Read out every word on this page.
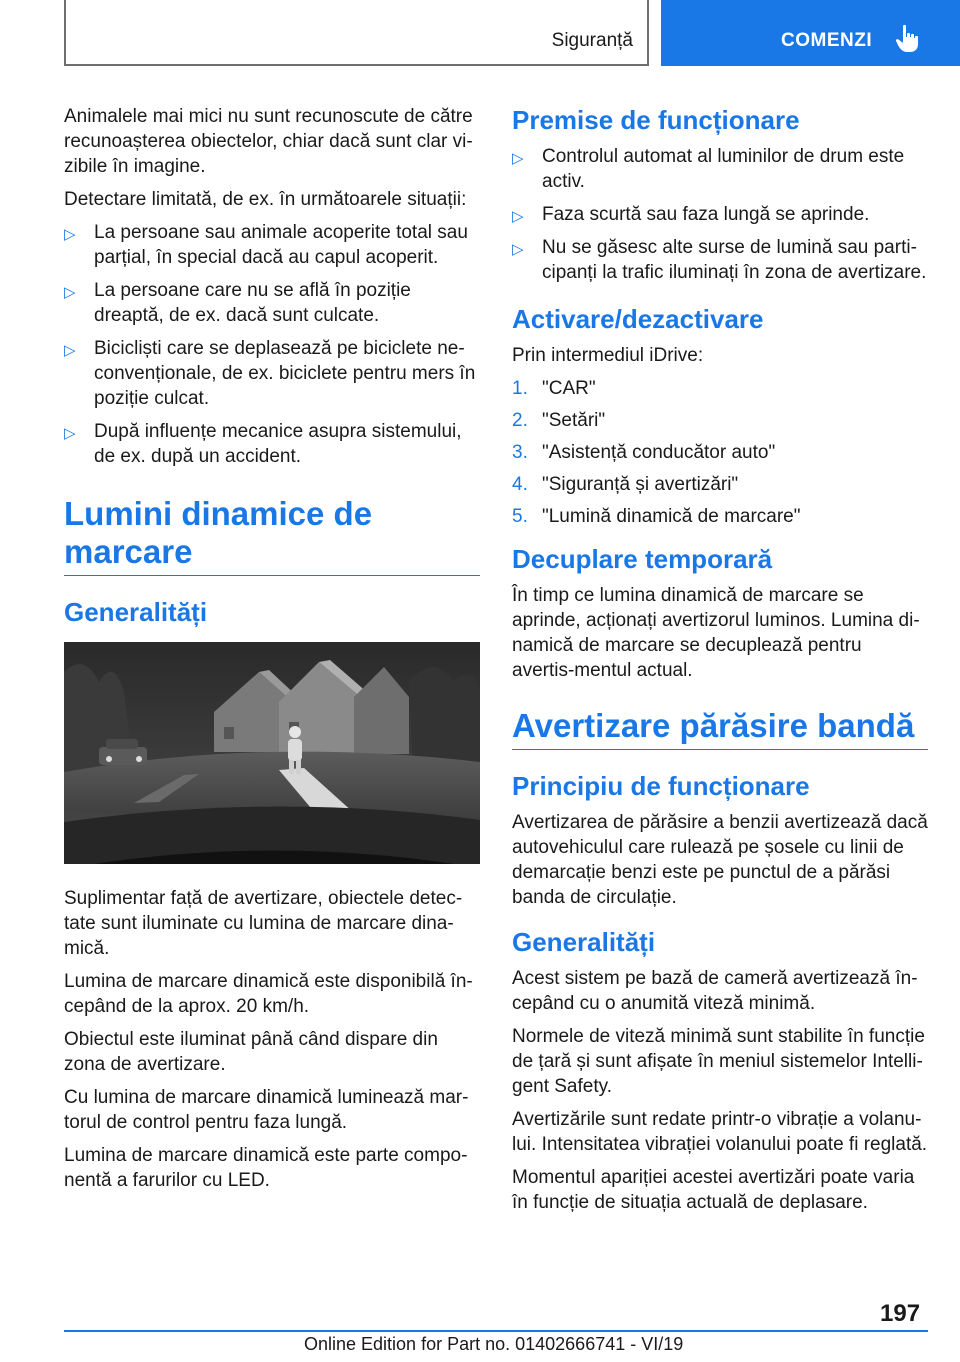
Siguranță	COMENZI

Animalele mai mici nu sunt recunoscute de către recunoașterea obiectelor, chiar dacă sunt clar vi-zibile în imagine.

Detectare limitată, de ex. în următoarele situații:

▷ La persoane sau animale acoperite total sau parțial, în special dacă au capul acoperit.
▷ La persoane care nu se află în poziție dreaptă, de ex. dacă sunt culcate.
▷ Bicicliști care se deplasează pe biciclete ne-convenționale, de ex. biciclete pentru mers în poziție culcat.
▷ După influențe mecanice asupra sistemului, de ex. după un accident.
Lumini dinamice de marcare
Generalități

Suplimentar față de avertizare, obiectele detec-tate sunt iluminate cu lumina de marcare dina-mică.

Lumina de marcare dinamică este disponibilă în-cepând de la aprox. 20 km/h.

Obiectul este iluminat până când dispare din zona de avertizare.

Cu lumina de marcare dinamică luminează mar-torul de control pentru faza lungă.

Lumina de marcare dinamică este parte compo-nentă a farurilor cu LED.

Premise de funcționare
▷ Controlul automat al luminilor de drum este activ.
▷ Faza scurtă sau faza lungă se aprinde.
▷ Nu se găsesc alte surse de lumină sau parti-cipanți la trafic iluminați în zona de avertizare.
Activare/dezactivare

Prin intermediul iDrive:

1. "CAR"
2. "Setări"
3. "Asistență conducător auto"
4. "Siguranță și avertizări"
5. "Lumină dinamică de marcare"
Decuplare temporară

În timp ce lumina dinamică de marcare se aprinde, acționați avertizorul luminos. Lumina di-namică de marcare se decuplează pentru avertis-mentul actual.

Avertizare părăsire bandă
Principiu de funcționare

Avertizarea de părăsire a benzii avertizează dacă autovehiculul care rulează pe șosele cu linii de demarcație benzi este pe punctul de a părăsi banda de circulație.

Generalități

Acest sistem pe bază de cameră avertizează în-cepând cu o anumită viteză minimă.

Normele de viteză minimă sunt stabilite în funcție de țară și sunt afișate în meniul sistemelor Intelli-gent Safety.

Avertizările sunt redate printr-o vibrație a volanu-lui. Intensitatea vibrației volanului poate fi reglată.

Momentul apariției acestei avertizări poate varia în funcție de situația actuală de deplasare.

197
Online Edition for Part no. 01402666741 - VI/19
